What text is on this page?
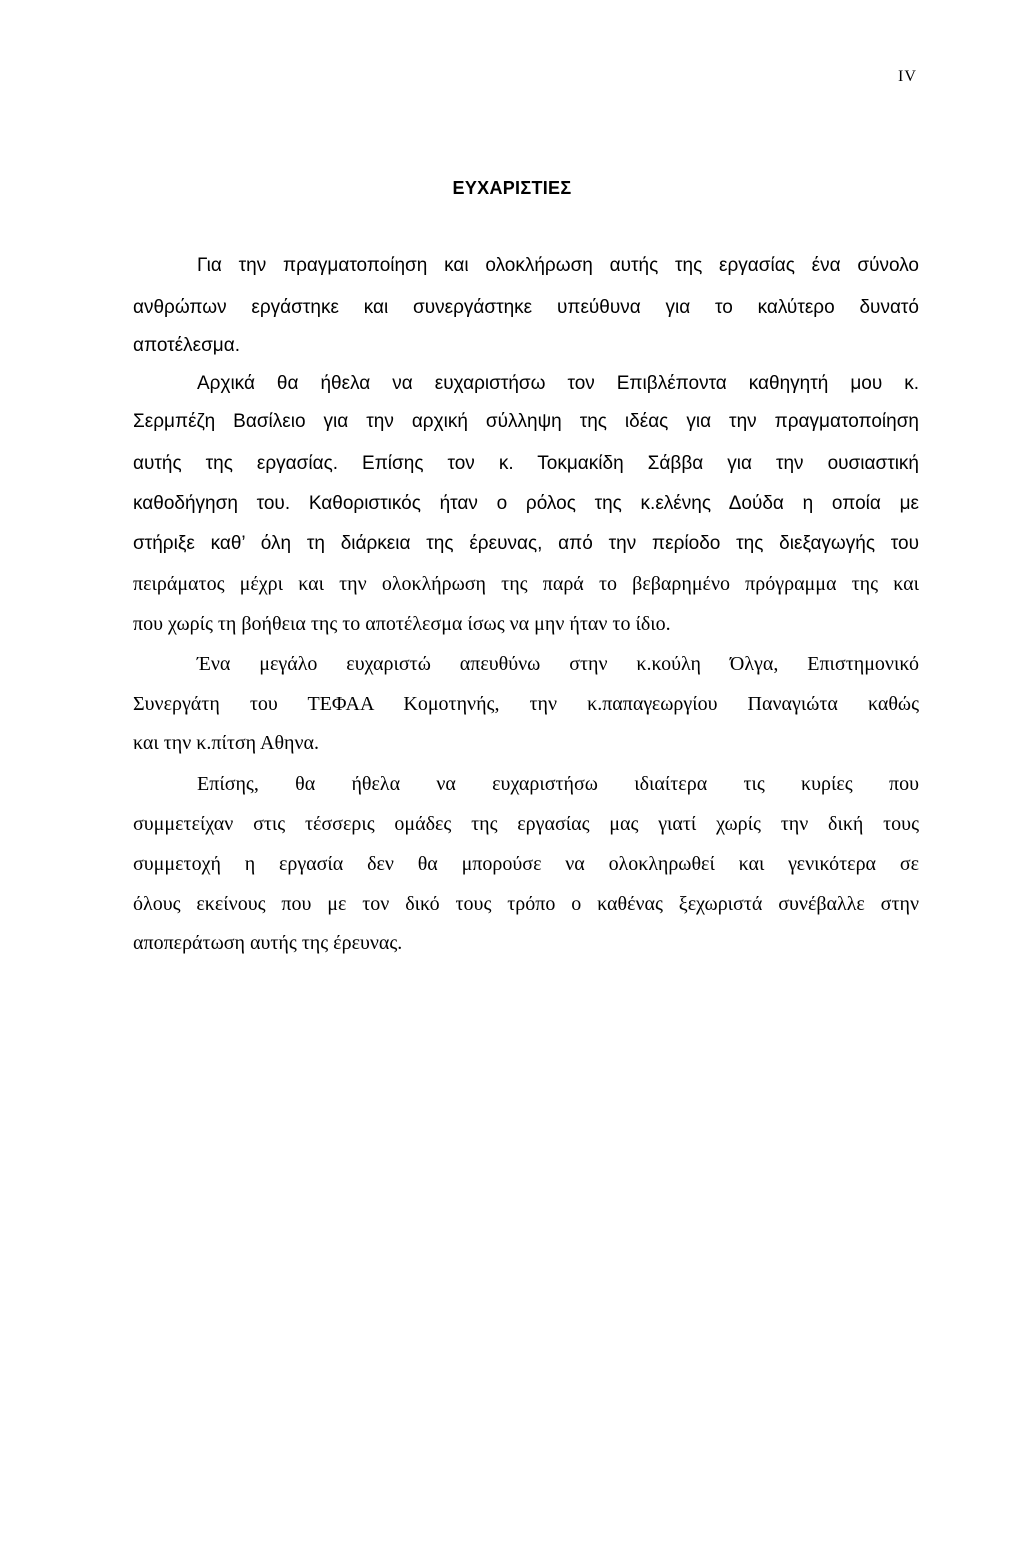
IV
ΕΥΧΑΡΙΣΤΙΕΣ
Για την πραγματοποίηση και ολοκλήρωση αυτής της εργασίας ένα σύνολο
ανθρώπων εργάστηκε και συνεργάστηκε υπεύθυνα για το καλύτερο δυνατό
αποτέλεσμα.
Αρχικά θα ήθελα να ευχαριστήσω τον Επιβλέποντα καθηγητή μου κ.
Σερμπέζη Βασίλειο για την αρχική σύλληψη της ιδέας για την πραγματοποίηση
αυτής της εργασίας. Επίσης τον κ. Τοκμακίδη Σάββα για την ουσιαστική
καθοδήγηση του. Καθοριστικός ήταν ο ρόλος της κ.ελένης Δούδα η οποία με
στήριξε καθ’ όλη τη διάρκεια της έρευνας, από την περίοδο της διεξαγωγής του
πειράματος μέχρι και την ολοκλήρωση της παρά το βεβαρημένο πρόγραμμα της και
που χωρίς τη βοήθεια της το αποτέλεσμα ίσως να μην ήταν το ίδιο.
Ένα μεγάλο ευχαριστώ απευθύνω στην κ.κούλη Όλγα, Επιστημονικό
Συνεργάτη του ΤΕΦΑΑ Κομοτηνής, την κ.παπαγεωργίου Παναγιώτα καθώς
και την κ.πίτση Αθηνα.
Επίσης, θα ήθελα να ευχαριστήσω ιδιαίτερα τις κυρίες που
συμμετείχαν στις τέσσερις ομάδες της εργασίας μας γιατί χωρίς την δική τους
συμμετοχή η εργασία δεν θα μπορούσε να ολοκληρωθεί και γενικότερα σε
όλους εκείνους που με τον δικό τους τρόπο ο καθένας ξεχωριστά συνέβαλλε στην
αποπεράτωση αυτής της έρευνας.
